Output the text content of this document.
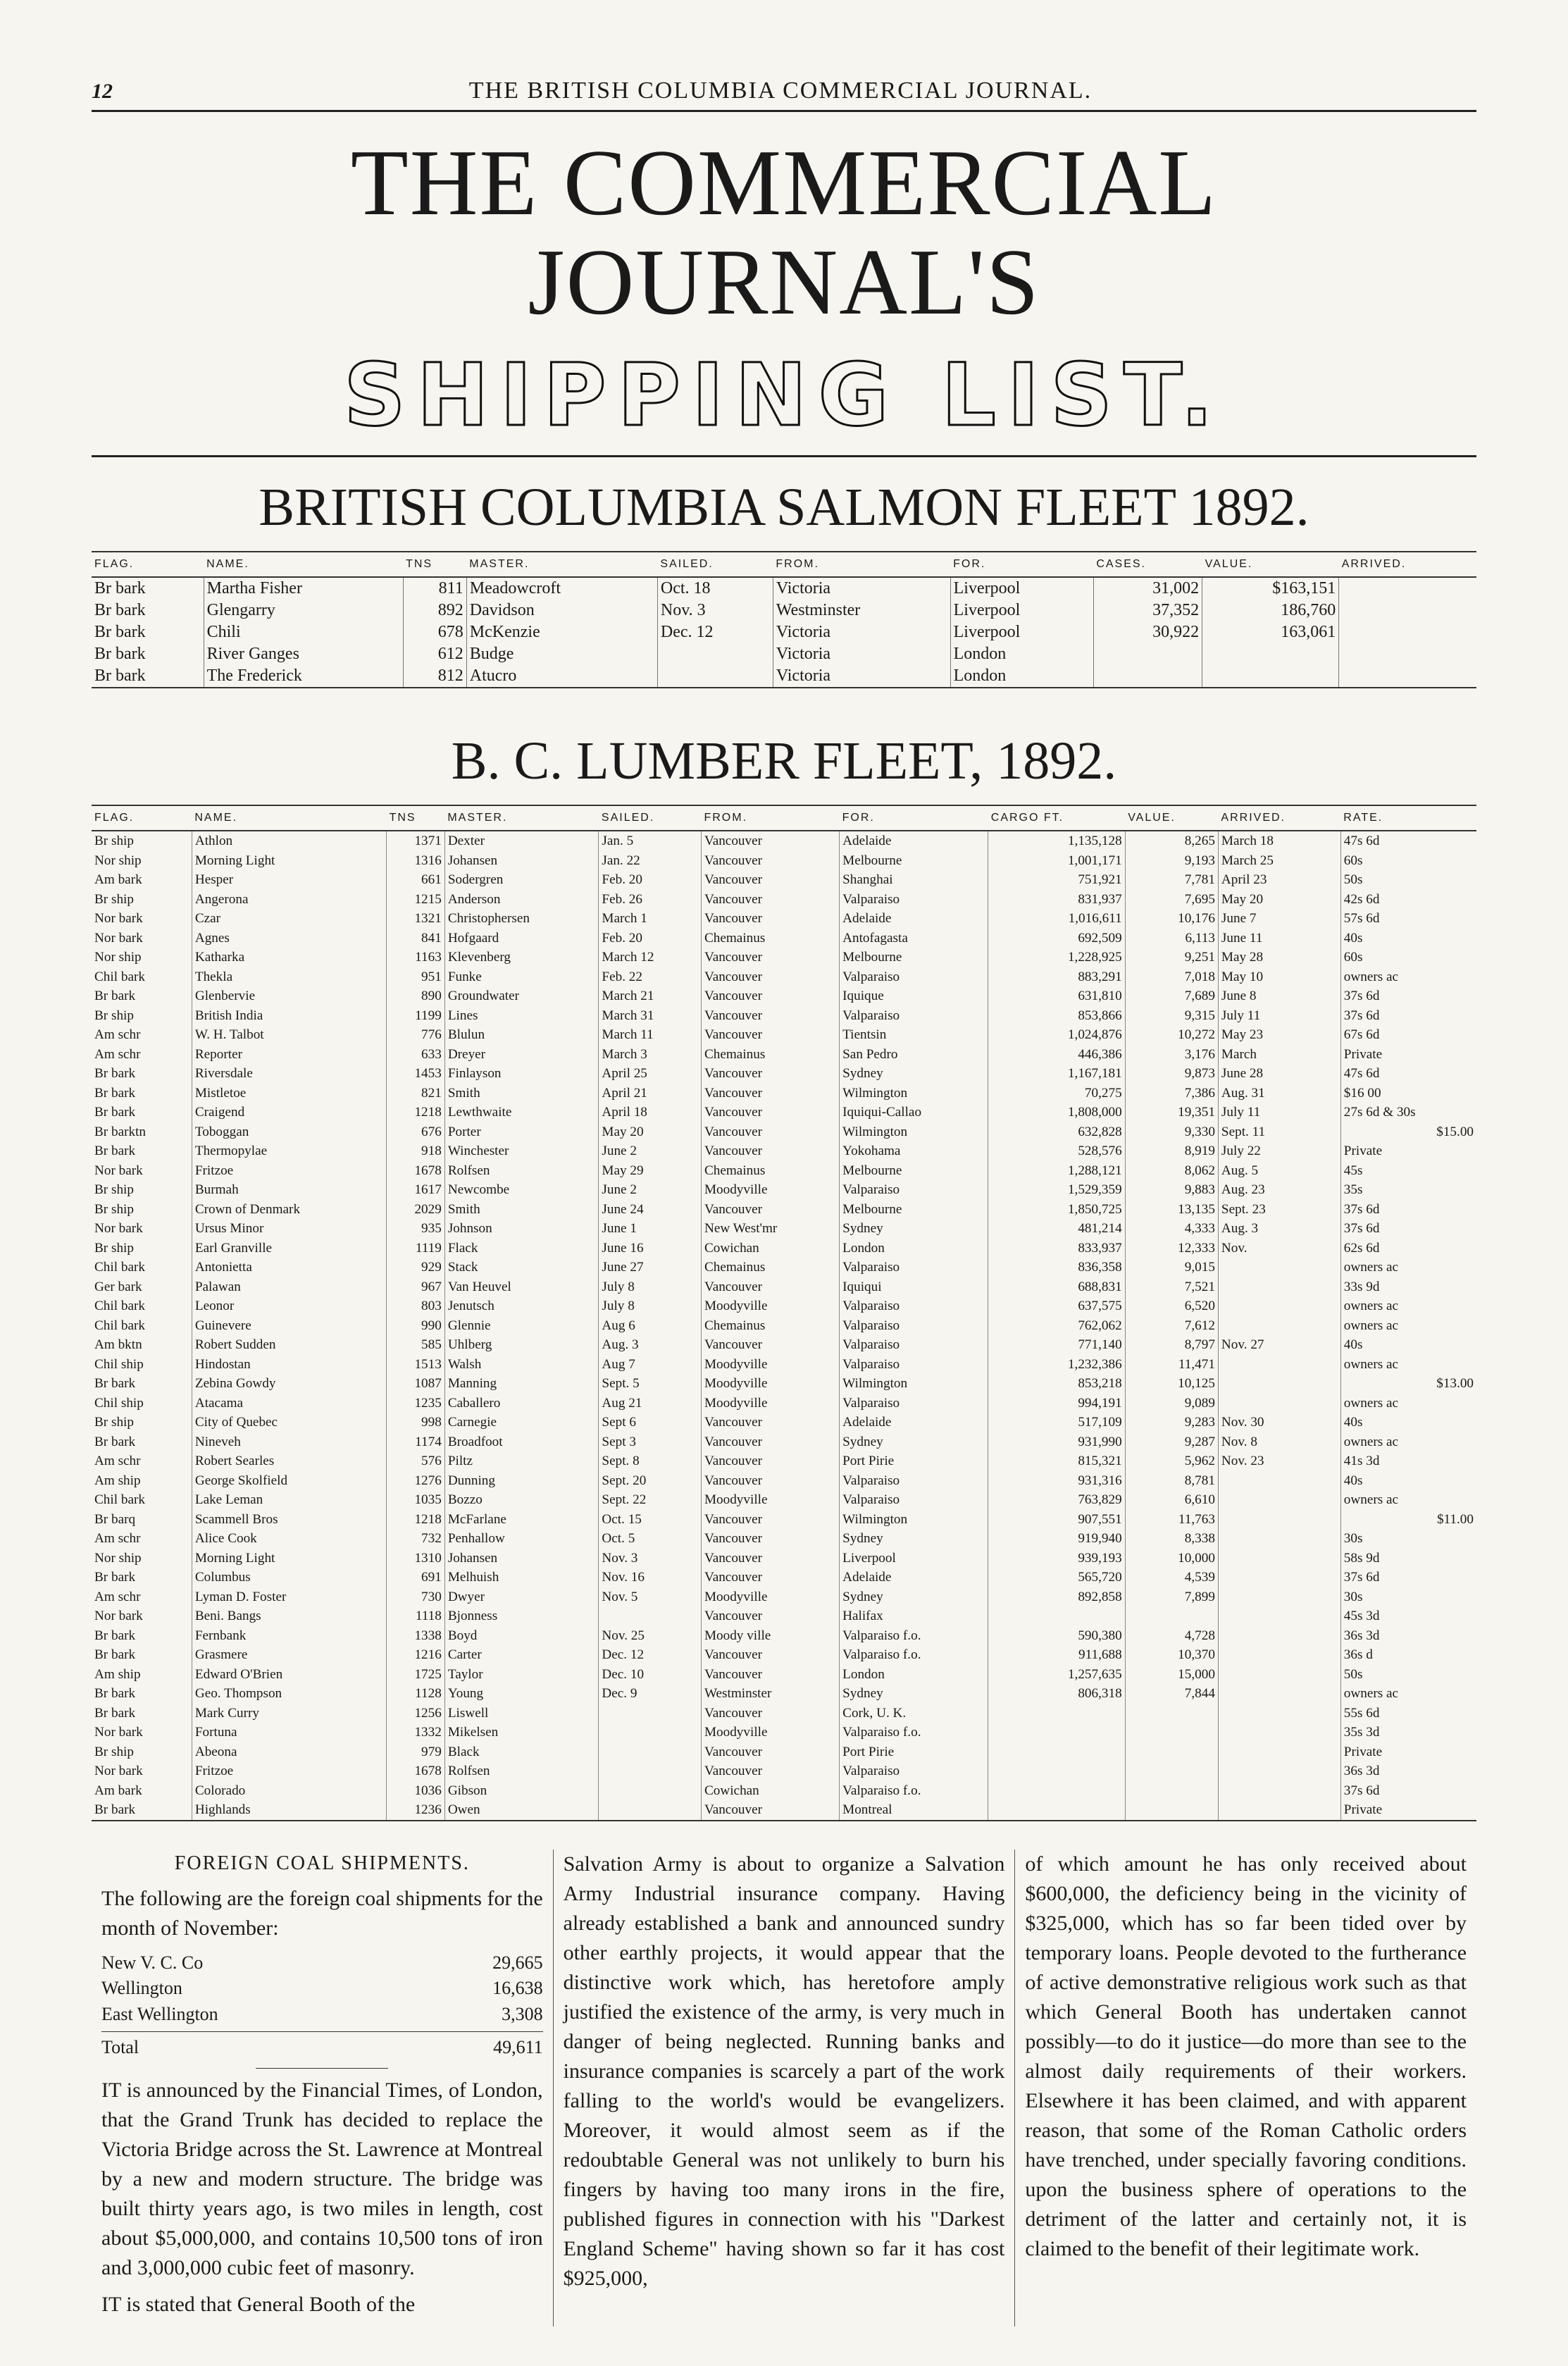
12	THE BRITISH COLUMBIA COMMERCIAL JOURNAL.
THE COMMERCIAL JOURNAL'S
SHIPPING LIST.
BRITISH COLUMBIA SALMON FLEET 1892.
FLAG.	NAME.	TNS	MASTER.	SAILED.	FROM.	FOR.	CASES.	VALUE.	ARRIVED.
Br bark	Martha Fisher	811	Meadowcroft	Oct. 18	Victoria	Liverpool	31,002	$163,151	
Br bark	Glengarry	892	Davidson	Nov. 3	Westminster	Liverpool	37,352	186,760	
Br bark	Chili	678	McKenzie	Dec. 12	Victoria	Liverpool	30,922	163,061	
Br bark	River Ganges	612	Budge		Victoria	London			
Br bark	The Frederick	812	Atucro		Victoria	London			
B. C. LUMBER FLEET, 1892.
FLAG.	NAME.	TNS	MASTER.	SAILED.	FROM.	FOR.	CARGO FT.	VALUE.	ARRIVED.	RATE.
Br ship	Athlon	1371	Dexter	Jan. 5	Vancouver	Adelaide	1,135,128	8,265	March 18	47s 6d
Nor ship	Morning Light	1316	Johansen	Jan. 22	Vancouver	Melbourne	1,001,171	9,193	March 25	60s
Am bark	Hesper	661	Sodergren	Feb. 20	Vancouver	Shanghai	751,921	7,781	April 23	50s
Br ship	Angerona	1215	Anderson	Feb. 26	Vancouver	Valparaiso	831,937	7,695	May 20	42s 6d
Nor bark	Czar	1321	Christophersen	March 1	Vancouver	Adelaide	1,016,611	10,176	June 7	57s 6d
Nor bark	Agnes	841	Hofgaard	Feb. 20	Chemainus	Antofagasta	692,509	6,113	June 11	40s
Nor ship	Katharka	1163	Klevenberg	March 12	Vancouver	Melbourne	1,228,925	9,251	May 28	60s
Chil bark	Thekla	951	Funke	Feb. 22	Vancouver	Valparaiso	883,291	7,018	May 10	owners ac
Br bark	Glenbervie	890	Groundwater	March 21	Vancouver	Iquique	631,810	7,689	June 8	37s 6d
Br ship	British India	1199	Lines	March 31	Vancouver	Valparaiso	853,866	9,315	July 11	37s 6d
Am schr	W. H. Talbot	776	Blulun	March 11	Vancouver	Tientsin	1,024,876	10,272	May 23	67s 6d
Am schr	Reporter	633	Dreyer	March 3	Chemainus	San Pedro	446,386	3,176	March	Private
Br bark	Riversdale	1453	Finlayson	April 25	Vancouver	Sydney	1,167,181	9,873	June 28	47s 6d
Br bark	Mistletoe	821	Smith	April 21	Vancouver	Wilmington	70,275	7,386	Aug. 31	$16 00
Br bark	Craigend	1218	Lewthwaite	April 18	Vancouver	Iquiqui-Callao	1,808,000	19,351	July 11	27s 6d & 30s
Br barktn	Toboggan	676	Porter	May 20	Vancouver	Wilmington	632,828	9,330	Sept. 11	$15.00
Br bark	Thermopylae	918	Winchester	June 2	Vancouver	Yokohama	528,576	8,919	July 22	Private
Nor bark	Fritzoe	1678	Rolfsen	May 29	Chemainus	Melbourne	1,288,121	8,062	Aug. 5	45s
Br ship	Burmah	1617	Newcombe	June 2	Moodyville	Valparaiso	1,529,359	9,883	Aug. 23	35s
Br ship	Crown of Denmark	2029	Smith	June 24	Vancouver	Melbourne	1,850,725	13,135	Sept. 23	37s 6d
Nor bark	Ursus Minor	935	Johnson	June 1	New West'mr	Sydney	481,214	4,333	Aug. 3	37s 6d
Br ship	Earl Granville	1119	Flack	June 16	Cowichan	London	833,937	12,333	Nov.	62s 6d
Chil bark	Antonietta	929	Stack	June 27	Chemainus	Valparaiso	836,358	9,015		owners ac
Ger bark	Palawan	967	Van Heuvel	July 8	Vancouver	Iquiqui	688,831	7,521		33s 9d
Chil bark	Leonor	803	Jenutsch	July 8	Moodyville	Valparaiso	637,575	6,520		owners ac
Chil bark	Guinevere	990	Glennie	Aug 6	Chemainus	Valparaiso	762,062	7,612		owners ac
Am bktn	Robert Sudden	585	Uhlberg	Aug. 3	Vancouver	Valparaiso	771,140	8,797	Nov. 27	40s
Chil ship	Hindostan	1513	Walsh	Aug 7	Moodyville	Valparaiso	1,232,386	11,471		owners ac
Br bark	Zebina Gowdy	1087	Manning	Sept. 5	Moodyville	Wilmington	853,218	10,125		$13.00
Chil ship	Atacama	1235	Caballero	Aug 21	Moodyville	Valparaiso	994,191	9,089		owners ac
Br ship	City of Quebec	998	Carnegie	Sept 6	Vancouver	Adelaide	517,109	9,283	Nov. 30	40s
Br bark	Nineveh	1174	Broadfoot	Sept 3	Vancouver	Sydney	931,990	9,287	Nov. 8	owners ac
Am schr	Robert Searles	576	Piltz	Sept. 8	Vancouver	Port Pirie	815,321	5,962	Nov. 23	41s 3d
Am ship	George Skolfield	1276	Dunning	Sept. 20	Vancouver	Valparaiso	931,316	8,781		40s
Chil bark	Lake Leman	1035	Bozzo	Sept. 22	Moodyville	Valparaiso	763,829	6,610		owners ac
Br barq	Scammell Bros	1218	McFarlane	Oct. 15	Vancouver	Wilmington	907,551	11,763		$11.00
Am schr	Alice Cook	732	Penhallow	Oct. 5	Vancouver	Sydney	919,940	8,338		30s
Nor ship	Morning Light	1310	Johansen	Nov. 3	Vancouver	Liverpool	939,193	10,000		58s 9d
Br bark	Columbus	691	Melhuish	Nov. 16	Vancouver	Adelaide	565,720	4,539		37s 6d
Am schr	Lyman D. Foster	730	Dwyer	Nov. 5	Moodyville	Sydney	892,858	7,899		30s
Nor bark	Beni. Bangs	1118	Bjonness		Vancouver	Halifax				45s 3d
Br bark	Fernbank	1338	Boyd	Nov. 25	Moody ville	Valparaiso f.o.	590,380	4,728		36s 3d
Br bark	Grasmere	1216	Carter	Dec. 12	Vancouver	Valparaiso f.o.	911,688	10,370		36s d
Am ship	Edward O'Brien	1725	Taylor	Dec. 10	Vancouver	London	1,257,635	15,000		50s
Br bark	Geo. Thompson	1128	Young	Dec. 9	Westminster	Sydney	806,318	7,844		owners ac
Br bark	Mark Curry	1256	Liswell		Vancouver	Cork, U. K.				55s 6d
Nor bark	Fortuna	1332	Mikelsen		Moodyville	Valparaiso f.o.				35s 3d
Br ship	Abeona	979	Black		Vancouver	Port Pirie				Private
Nor bark	Fritzoe	1678	Rolfsen		Vancouver	Valparaiso				36s 3d
Am bark	Colorado	1036	Gibson		Cowichan	Valparaiso f.o.				37s 6d
Br bark	Highlands	1236	Owen		Vancouver	Montreal				Private
FOREIGN COAL SHIPMENTS.

The following are the foreign coal shipments for the month of November:

New V. C. Co	29,665
Wellington	16,638
East Wellington	3,308
Total	49,611

IT is announced by the Financial Times, of London, that the Grand Trunk has decided to replace the Victoria Bridge across the St. Lawrence at Montreal by a new and modern structure. The bridge was built thirty years ago, is two miles in length, cost about $5,000,000, and contains 10,500 tons of iron and 3,000,000 cubic feet of masonry.

IT is stated that General Booth of the

Salvation Army is about to organize a Salvation Army Industrial insurance company. Having already established a bank and announced sundry other earthly projects, it would appear that the distinctive work which, has heretofore amply justified the existence of the army, is very much in danger of being neglected. Running banks and insurance companies is scarcely a part of the work falling to the world's would be evangelizers. Moreover, it would almost seem as if the redoubtable General was not unlikely to burn his fingers by having too many irons in the fire, published figures in connection with his "Darkest England Scheme" having shown so far it has cost $925,000,

of which amount he has only received about $600,000, the deficiency being in the vicinity of $325,000, which has so far been tided over by temporary loans. People devoted to the furtherance of active demonstrative religious work such as that which General Booth has undertaken cannot possibly—to do it justice—do more than see to the almost daily requirements of their workers. Elsewhere it has been claimed, and with apparent reason, that some of the Roman Catholic orders have trenched, under specially favoring conditions. upon the business sphere of operations to the detriment of the latter and certainly not, it is claimed to the benefit of their legitimate work.
